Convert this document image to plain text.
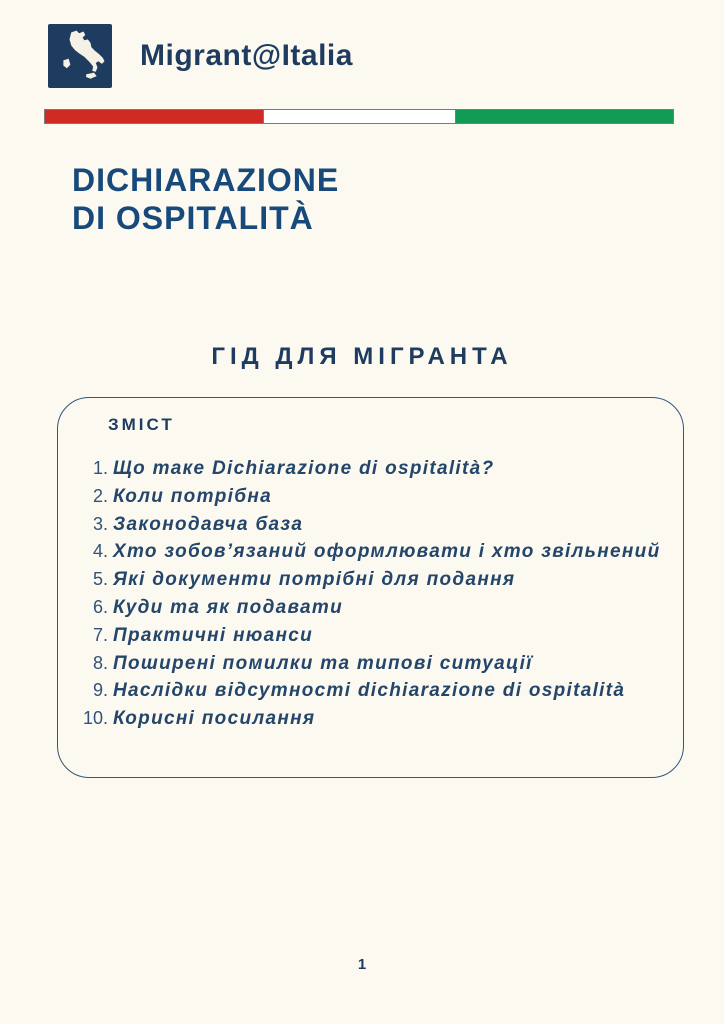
Migrant@Italia
DICHIARAZIONE
DI OSPITALITÀ
ГІД ДЛЯ МІГРАНТА
ЗМІСТ
1. Що таке Dichiarazione di ospitalità?
2. Коли потрібна
3. Законодавча база
4. Хто зобов’язаний оформлювати і хто звільнений
5. Які документи потрібні для подання
6. Куди та як подавати
7. Практичні нюанси
8. Поширені помилки та типові ситуації
9. Наслідки відсутності dichiarazione di ospitalità
10. Корисні посилання
1
